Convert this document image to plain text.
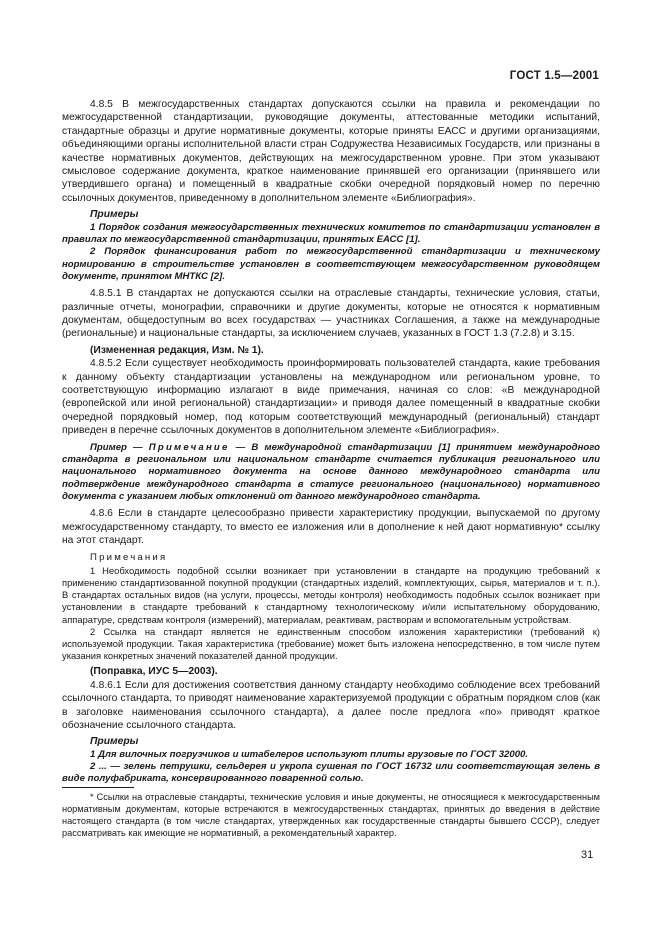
ГОСТ 1.5—2001

4.8.5 В межгосударственных стандартах допускаются ссылки на правила и рекомендации по межгосударственной стандартизации, руководящие документы, аттестованные методики испытаний, стандартные образцы и другие нормативные документы, которые приняты ЕАСС и другими организациями, объединяющими органы исполнительной власти стран Содружества Независимых Государств, или признаны в качестве нормативных документов, действующих на межгосударственном уровне. При этом указывают смысловое содержание документа, краткое наименование принявшей его организации (принявшего или утвердившего органа) и помещенный в квадратные скобки очередной порядковый номер по перечню ссылочных документов, приведенному в дополнительном элементе «Библиография».

Примеры

1 Порядок создания межгосударственных технических комитетов по стандартизации установлен в правилах по межгосударственной стандартизации, принятых ЕАСС [1].

2 Порядок финансирования работ по межгосударственной стандартизации и техническому нормированию в строительстве установлен в соответствующем межгосударственном руководящем документе, принятом МНТКС [2].

4.8.5.1 В стандартах не допускаются ссылки на отраслевые стандарты, технические условия, статьи, различные отчеты, монографии, справочники и другие документы, которые не относятся к нормативным документам, общедоступным во всех государствах — участниках Соглашения, а также на международные (региональные) и национальные стандарты, за исключением случаев, указанных в ГОСТ 1.3 (7.2.8) и 3.15.

(Измененная редакция, Изм. № 1).

4.8.5.2 Если существует необходимость проинформировать пользователей стандарта, какие требования к данному объекту стандартизации установлены на международном или региональном уровне, то соответствующую информацию излагают в виде примечания, начиная со слов: «В международной (европейской или иной региональной) стандартизации» и приводя далее помещенный в квадратные скобки очередной порядковый номер, под которым соответствующий международный (региональный) стандарт приведен в перечне ссылочных документов в дополнительном элементе «Библиография».

Пример — Примечание — В международной стандартизации [1] принятием международного стандарта в региональном или национальном стандарте считается публикация регионального или национального нормативного документа на основе данного международного стандарта или подтверждение международного стандарта в статусе регионального (национального) нормативного документа с указанием любых отклонений от данного международного стандарта.

4.8.6 Если в стандарте целесообразно привести характеристику продукции, выпускаемой по другому межгосударственному стандарту, то вместо ее изложения или в дополнение к ней дают нормативную* ссылку на этот стандарт.

Примечания

1 Необходимость подобной ссылки возникает при установлении в стандарте на продукцию требований к применению стандартизованной покупной продукции (стандартных изделий, комплектующих, сырья, материалов и т. п.). В стандартах остальных видов (на услуги, процессы, методы контроля) необходимость подобных ссылок возникает при установлении в стандарте требований к стандартному технологическому и/или испытательному оборудованию, аппаратуре, средствам контроля (измерений), материалам, реактивам, растворам и вспомогательным устройствам.

2 Ссылка на стандарт является не единственным способом изложения характеристики (требований к) используемой продукции. Такая характеристика (требование) может быть изложена непосредственно, в том числе путем указания конкретных значений показателей данной продукции.

(Поправка, ИУС 5—2003).

4.8.6.1 Если для достижения соответствия данному стандарту необходимо соблюдение всех требований ссылочного стандарта, то приводят наименование характеризуемой продукции с обратным порядком слов (как в заголовке наименования ссылочного стандарта), а далее после предлога «по» приводят краткое обозначение ссылочного стандарта.

Примеры

1 Для вилочных погрузчиков и штабелеров используют плиты грузовые по ГОСТ 32000.

2 ... — зелень петрушки, сельдерея и укропа сушеная по ГОСТ 16732 или соответствующая зелень в виде полуфабриката, консервированного поваренной солью.

* Ссылки на отраслевые стандарты, технические условия и иные документы, не относящиеся к межгосударственным нормативным документам, которые встречаются в межгосударственных стандартах, принятых до введения в действие настоящего стандарта (в том числе стандартах, утвержденных как государственные стандарты бывшего СССР), следует рассматривать как имеющие не нормативный, а рекомендательный характер.

31
